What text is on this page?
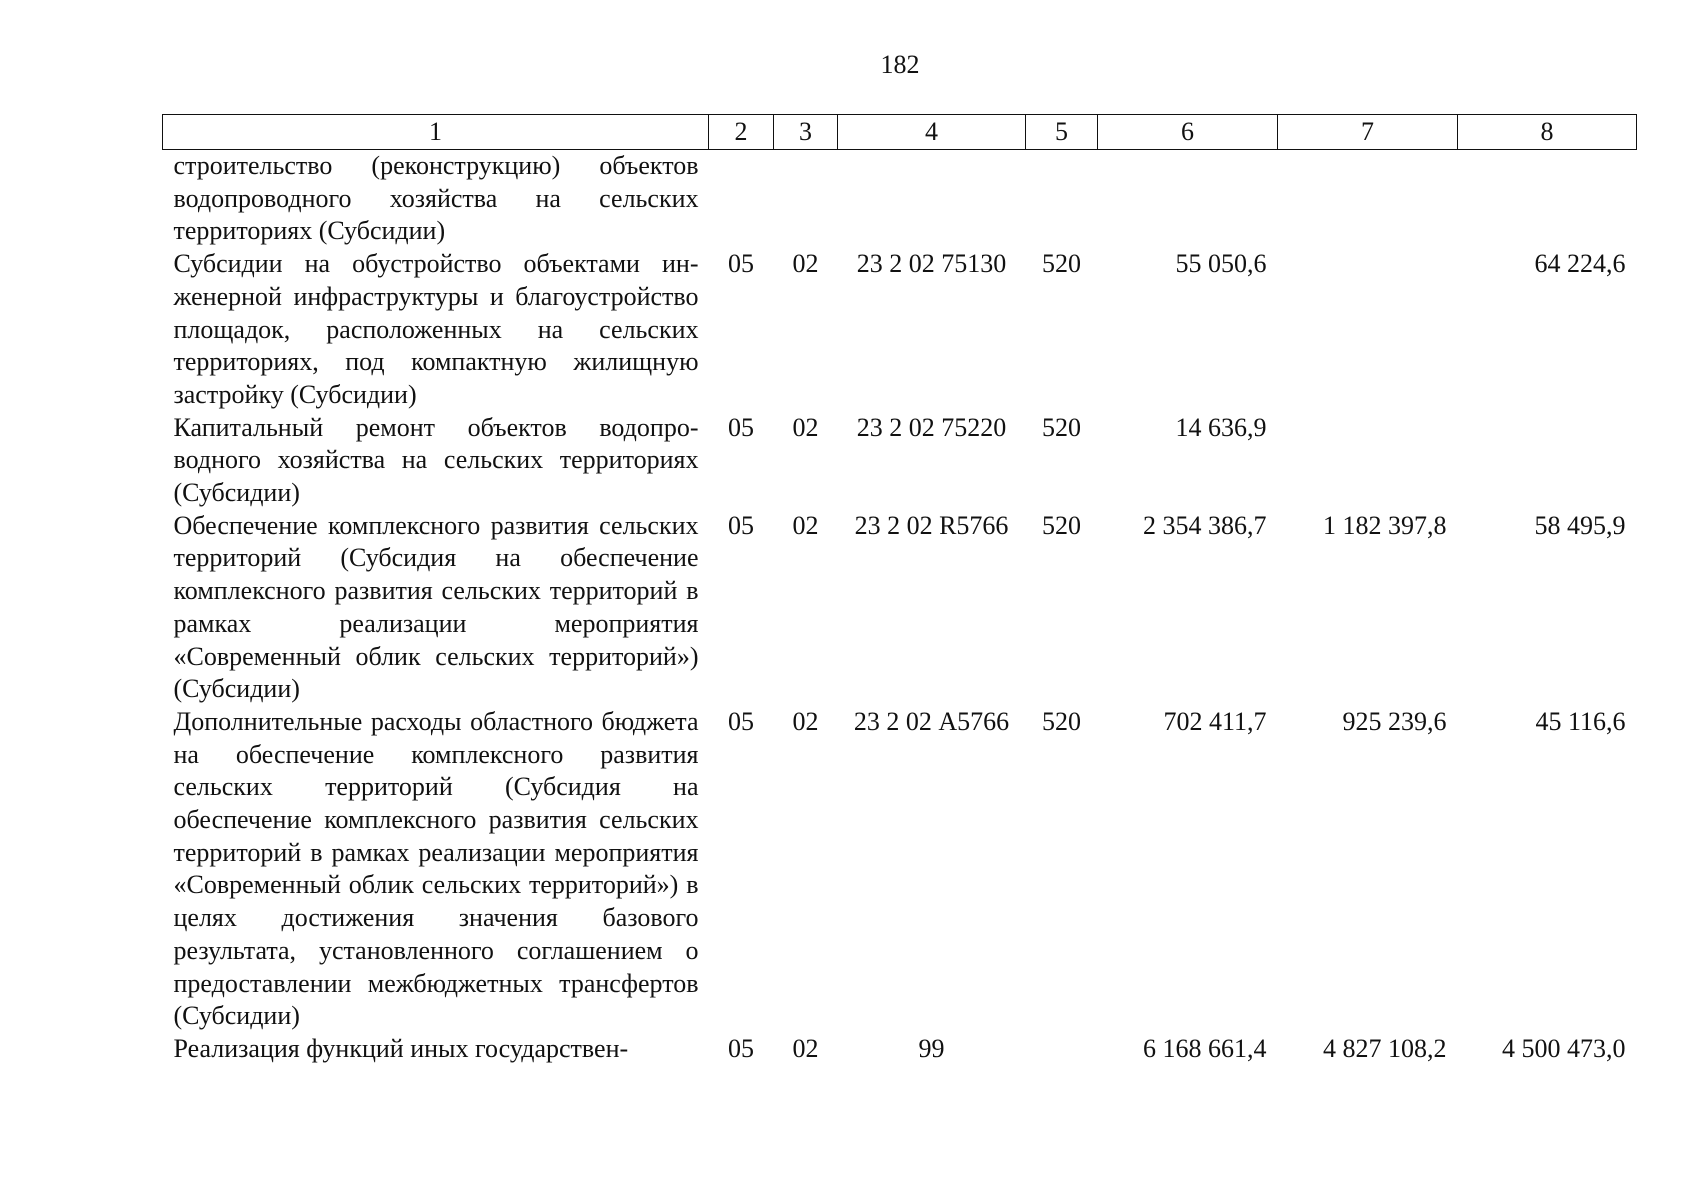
182
1	2	3	4	5	6	7	8
строительство (реконструкцию) объектов водопроводного хозяйства на сельских территориях (Субсидии)							
Субсидии на обустройство объектами инженерной инфраструктуры и благоустройство площадок, расположенных на сельских территориях, под компактную жилищную застройку (Субсидии)	05	02	23 2 02 75130	520	55 050,6		64 224,6
Капитальный ремонт объектов водопроводного хозяйства на сельских территориях (Субсидии)	05	02	23 2 02 75220	520	14 636,9		
Обеспечение комплексного развития сельских территорий (Субсидия на обеспечение комплексного развития сельских территорий в рамках реализации мероприятия «Современный облик сельских территорий») (Субсидии)	05	02	23 2 02 R5766	520	2 354 386,7	1 182 397,8	58 495,9
Дополнительные расходы областного бюджета на обеспечение комплексного развития сельских территорий (Субсидия на обеспечение комплексного развития сельских территорий в рамках реализации мероприятия «Современный облик сельских территорий») в целях достижения значения базового результата, установленного соглашением о предоставлении межбюджетных трансфертов (Субсидии)	05	02	23 2 02 А5766	520	702 411,7	925 239,6	45 116,6
Реализация функций иных государствен-	05	02	99		6 168 661,4	4 827 108,2	4 500 473,0
